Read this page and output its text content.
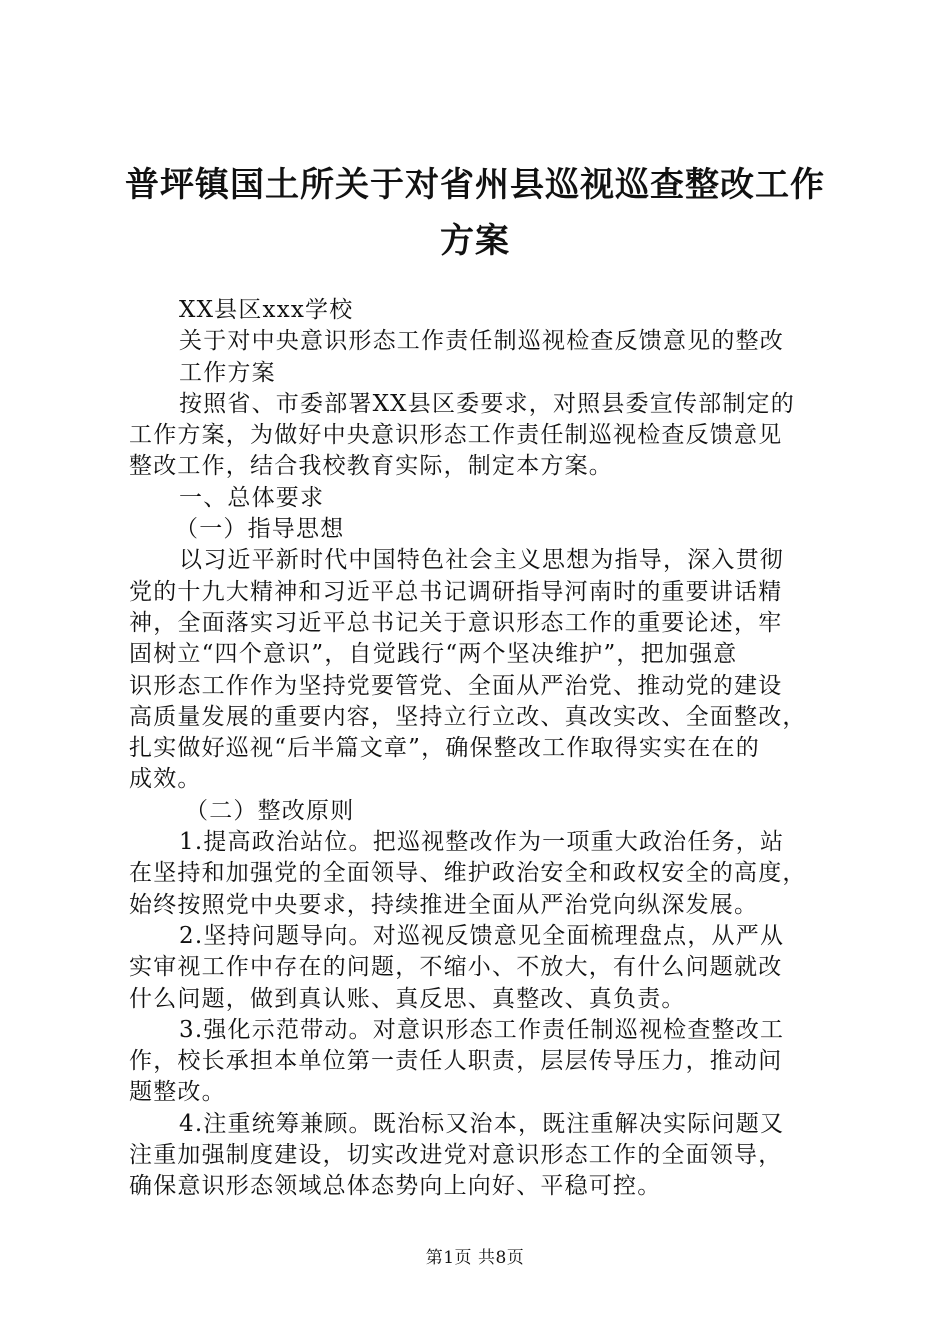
普坪镇国土所关于对省州县巡视巡查整改工作
方案
XX县区xxx学校
关于对中央意识形态工作责任制巡视检查反馈意见的整改
工作方案
按照省、市委部署XX县区委要求，对照县委宣传部制定的
工作方案，为做好中央意识形态工作责任制巡视检查反馈意见
整改工作，结合我校教育实际，制定本方案。
一、总体要求
（一）指导思想
以习近平新时代中国特色社会主义思想为指导，深入贯彻
党的十九大精神和习近平总书记调研指导河南时的重要讲话精
神，全面落实习近平总书记关于意识形态工作的重要论述，牢
固树立“四个意识”，自觉践行“两个坚决维护”，把加强意
识形态工作作为坚持党要管党、全面从严治党、推动党的建设
高质量发展的重要内容，坚持立行立改、真改实改、全面整改，
扎实做好巡视“后半篇文章”，确保整改工作取得实实在在的
成效。
（二）整改原则
1.提高政治站位。把巡视整改作为一项重大政治任务，站
在坚持和加强党的全面领导、维护政治安全和政权安全的高度，
始终按照党中央要求，持续推进全面从严治党向纵深发展。
2.坚持问题导向。对巡视反馈意见全面梳理盘点，从严从
实审视工作中存在的问题，不缩小、不放大，有什么问题就改
什么问题，做到真认账、真反思、真整改、真负责。
3.强化示范带动。对意识形态工作责任制巡视检查整改工
作，校长承担本单位第一责任人职责，层层传导压力，推动问
题整改。
4.注重统筹兼顾。既治标又治本，既注重解决实际问题又
注重加强制度建设，切实改进党对意识形态工作的全面领导，
确保意识形态领域总体态势向上向好、平稳可控。
第1页 共8页
